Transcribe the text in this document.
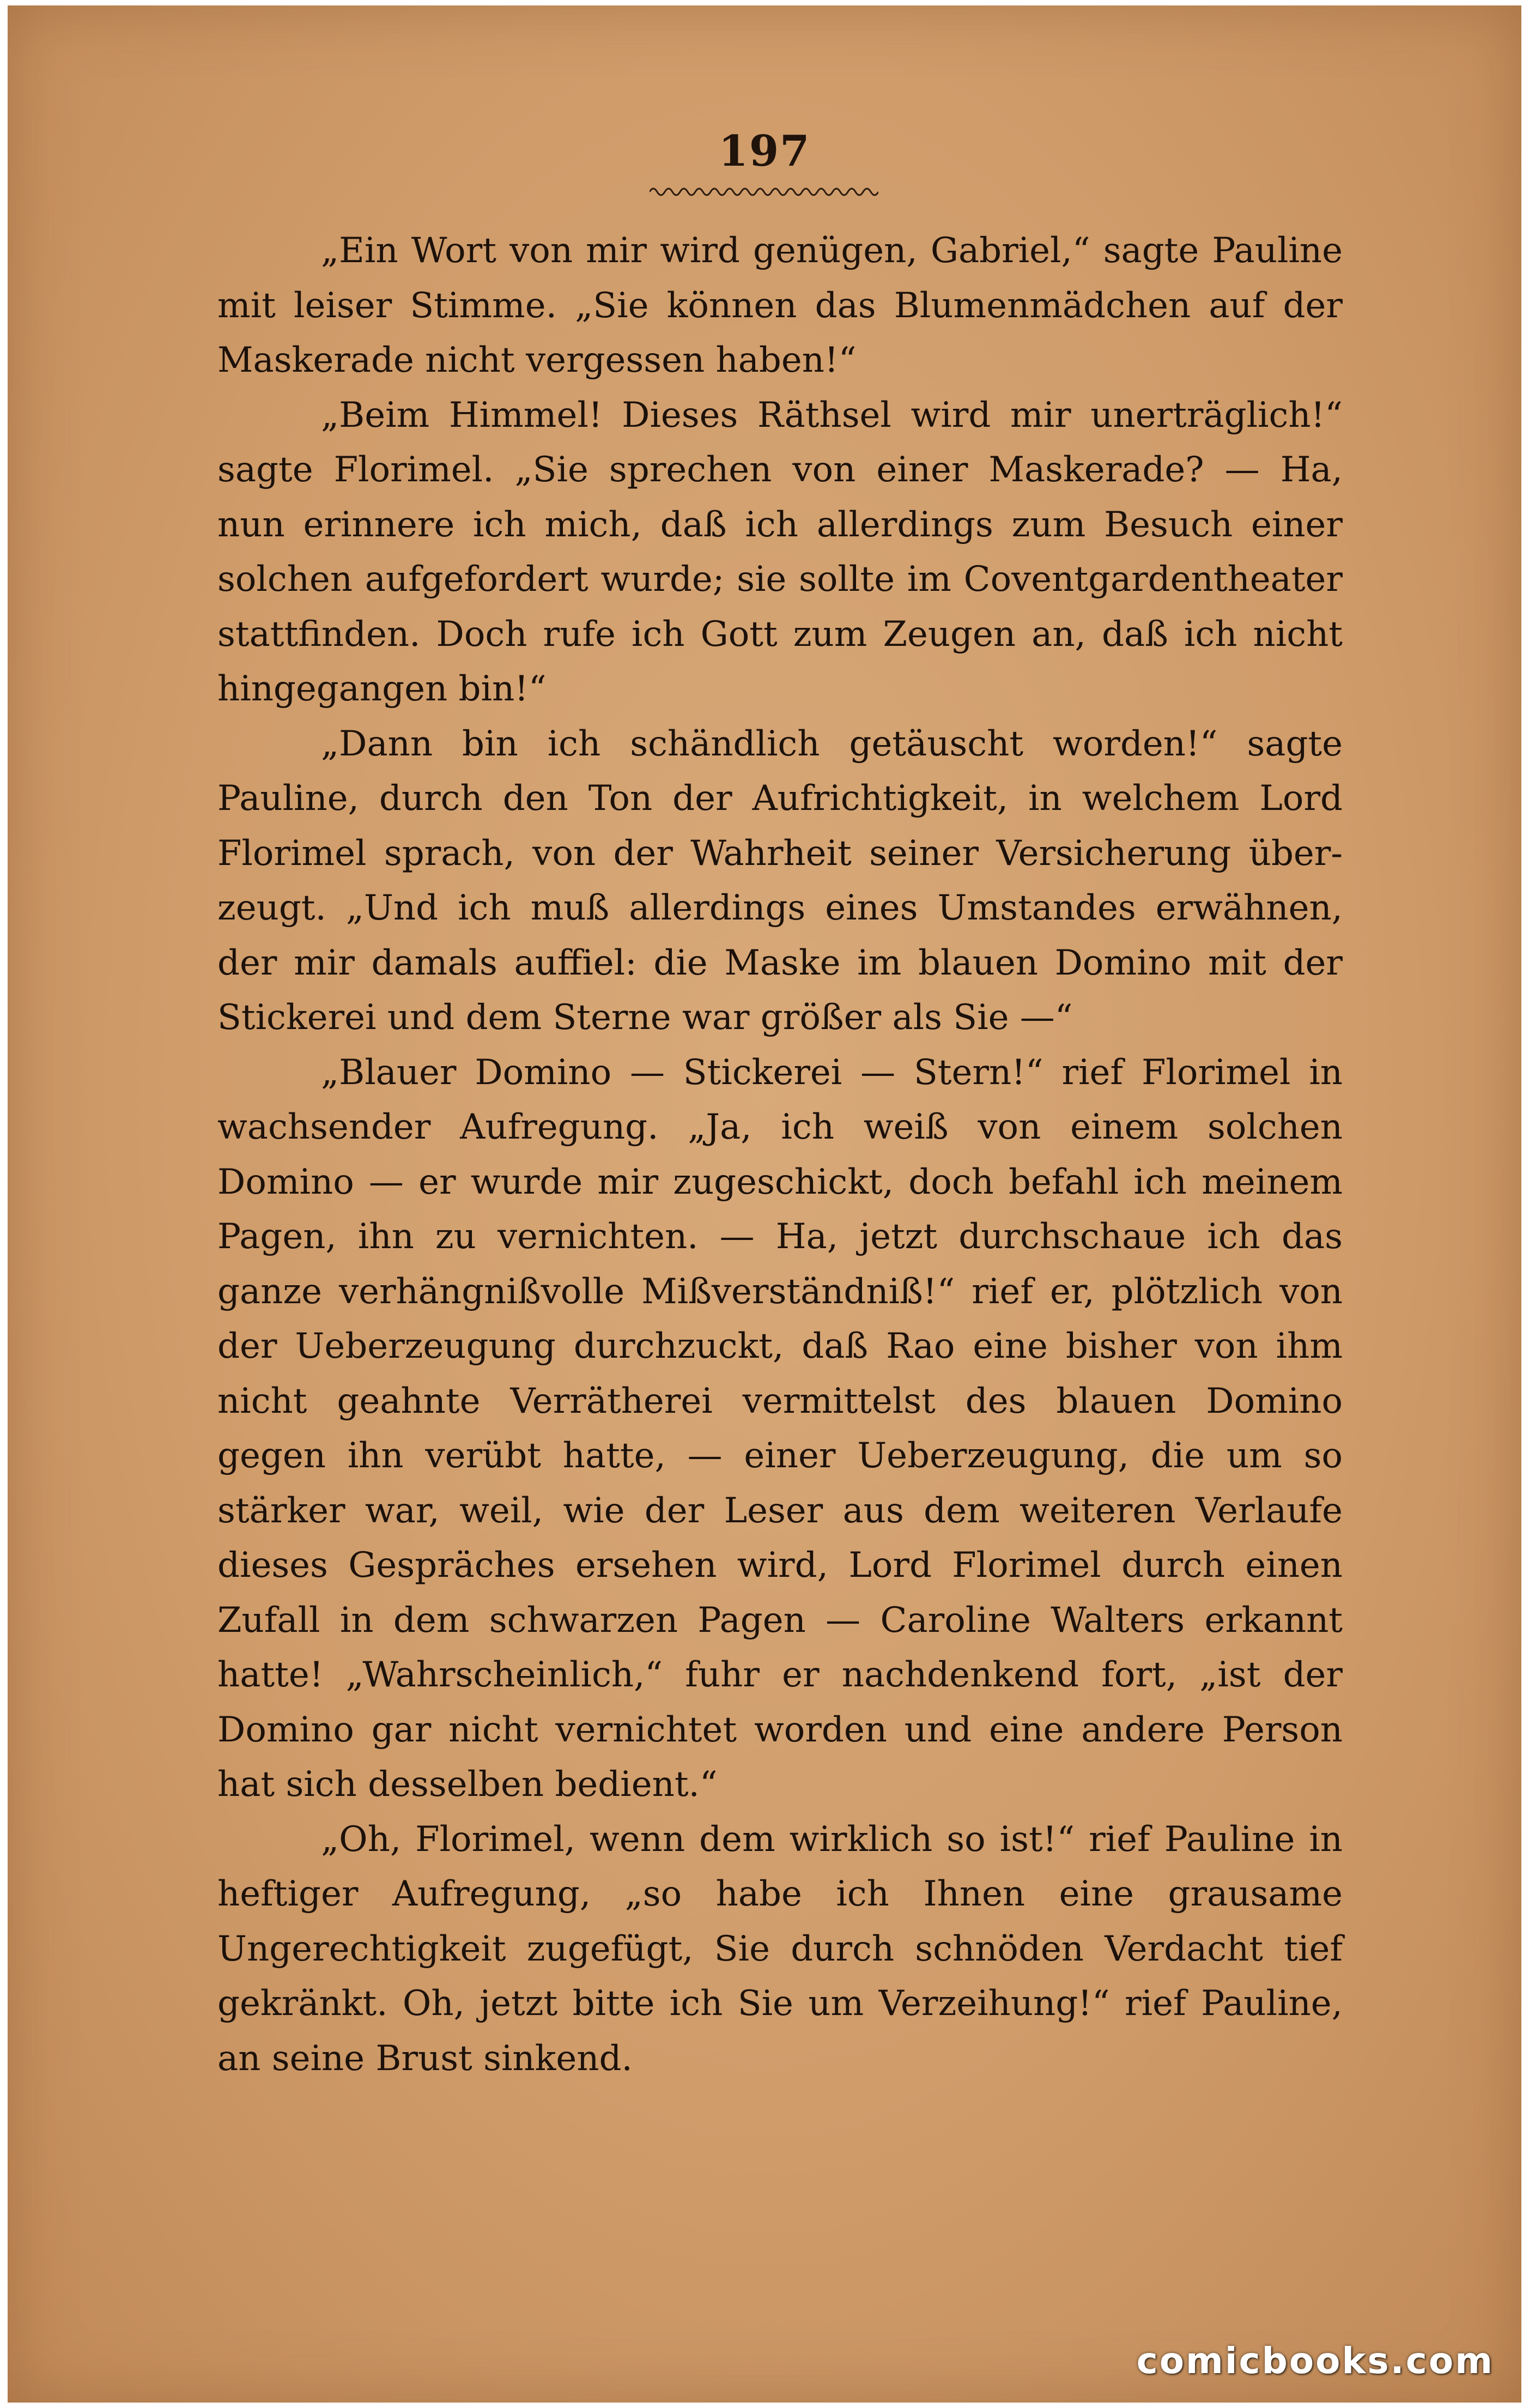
197

„Ein Wort von mir wird genügen, Gabriel,“ sagte Pauline mit leiser Stimme. „Sie können das Blumenmädchen auf der Maskerade nicht vergessen haben!“

„Beim Himmel! Dieses Räthsel wird mir unerträglich!“ sagte Florimel. „Sie sprechen von einer Maskerade? — Ha, nun erinnere ich mich, daß ich allerdings zum Besuch einer solchen aufgefordert wurde; sie sollte im Coventgardentheater stattfinden. Doch rufe ich Gott zum Zeugen an, daß ich nicht hingegangen bin!“

„Dann bin ich schändlich getäuscht worden!“ sagte Pauline, durch den Ton der Aufrichtigkeit, in welchem Lord Florimel sprach, von der Wahrheit seiner Versicherung überzeugt. „Und ich muß allerdings eines Umstandes erwähnen, der mir damals auffiel: die Maske im blauen Domino mit der Stickerei und dem Sterne war größer als Sie —“

„Blauer Domino — Stickerei — Stern!“ rief Florimel in wachsender Aufregung. „Ja, ich weiß von einem solchen Domino — er wurde mir zugeschickt, doch befahl ich meinem Pagen, ihn zu vernichten. — Ha, jetzt durchschaue ich das ganze verhängnißvolle Mißverständniß!“ rief er, plötzlich von der Ueberzeugung durchzuckt, daß Rao eine bisher von ihm nicht geahnte Verrätherei vermittelst des blauen Domino gegen ihn verübt hatte, — einer Ueberzeugung, die um so stärker war, weil, wie der Leser aus dem weiteren Verlaufe dieses Gespräches ersehen wird, Lord Florimel durch einen Zufall in dem schwarzen Pagen — Caroline Walters erkannt hatte! „Wahrscheinlich,“ fuhr er nachdenkend fort, „ist der Domino gar nicht vernichtet worden und eine andere Person hat sich desselben bedient.“

„Oh, Florimel, wenn dem wirklich so ist!“ rief Pauline in heftiger Aufregung, „so habe ich Ihnen eine grausame Ungerechtigkeit zugefügt, Sie durch schnöden Verdacht tief gekränkt. Oh, jetzt bitte ich Sie um Verzeihung!“ rief Pauline, an seine Brust sinkend.

comicbooks.com
